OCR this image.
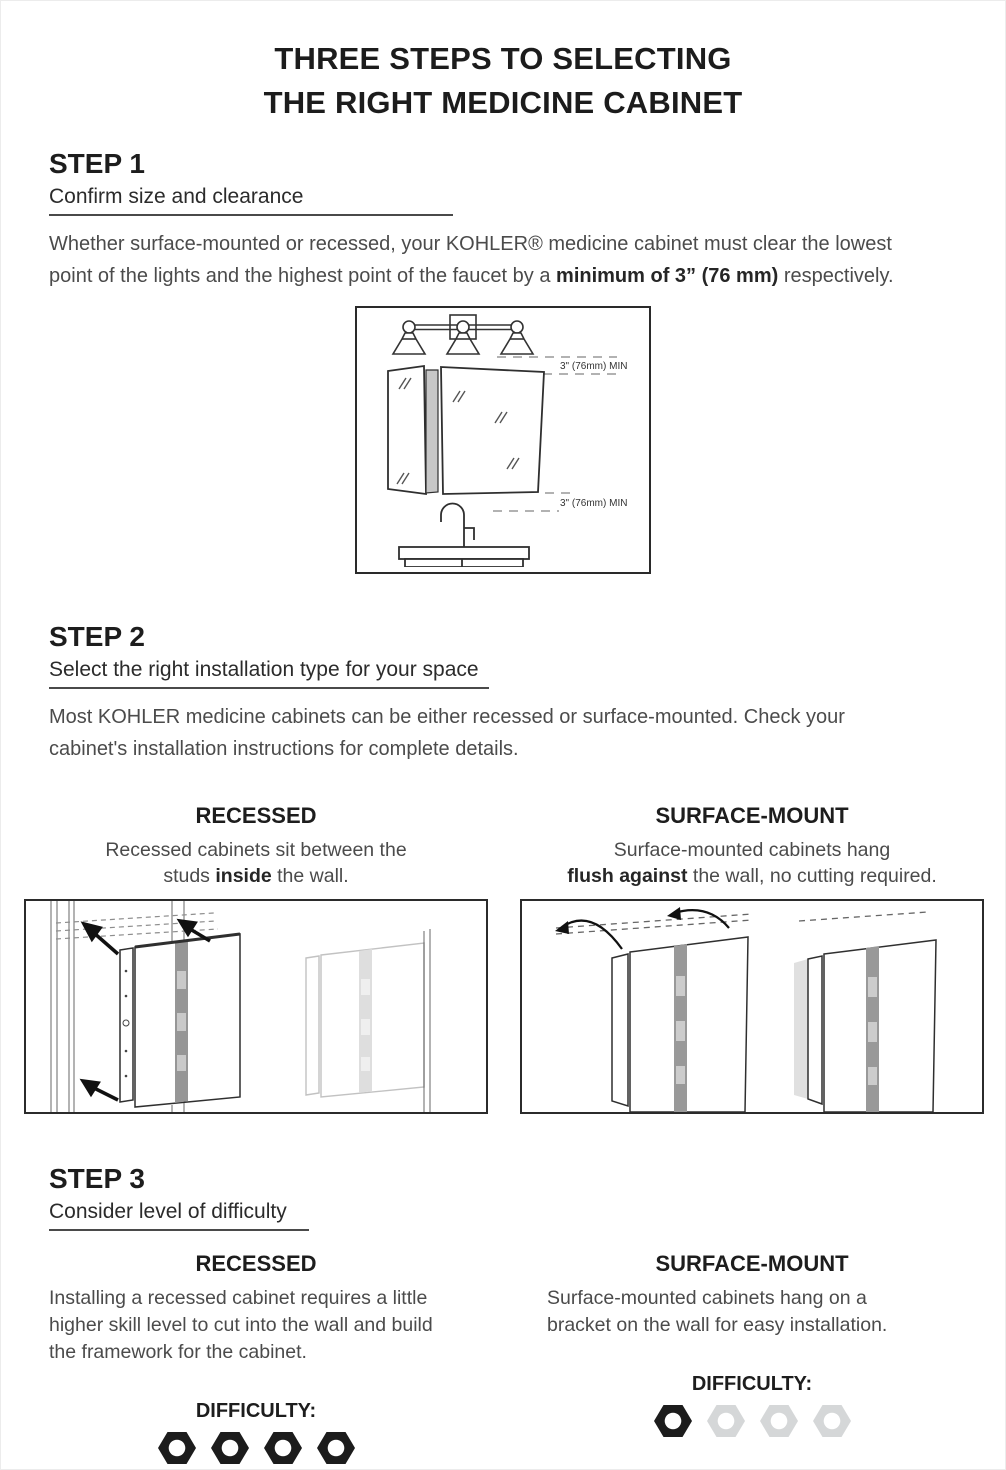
THREE STEPS TO SELECTING
THE RIGHT MEDICINE CABINET
STEP 1
Confirm size and clearance
Whether surface-mounted or recessed, your KOHLER® medicine cabinet must clear the lowest
point of the lights and the highest point of the faucet by a minimum of 3” (76 mm) respectively.
3" (76mm) MIN
3" (76mm) MIN
STEP 2
Select the right installation type for your space
Most KOHLER medicine cabinets can be either recessed or surface-mounted. Check your
cabinet's installation instructions for complete details.
RECESSED
Recessed cabinets sit between the
studs inside the wall.
SURFACE-MOUNT
Surface-mounted cabinets hang
flush against the wall, no cutting required.
STEP 3
Consider level of difficulty
RECESSED
Installing a recessed cabinet requires a little
higher skill level to cut into the wall and build
the framework for the cabinet.
DIFFICULTY:
SURFACE-MOUNT
Surface-mounted cabinets hang on a
bracket on the wall for easy installation.
DIFFICULTY:
